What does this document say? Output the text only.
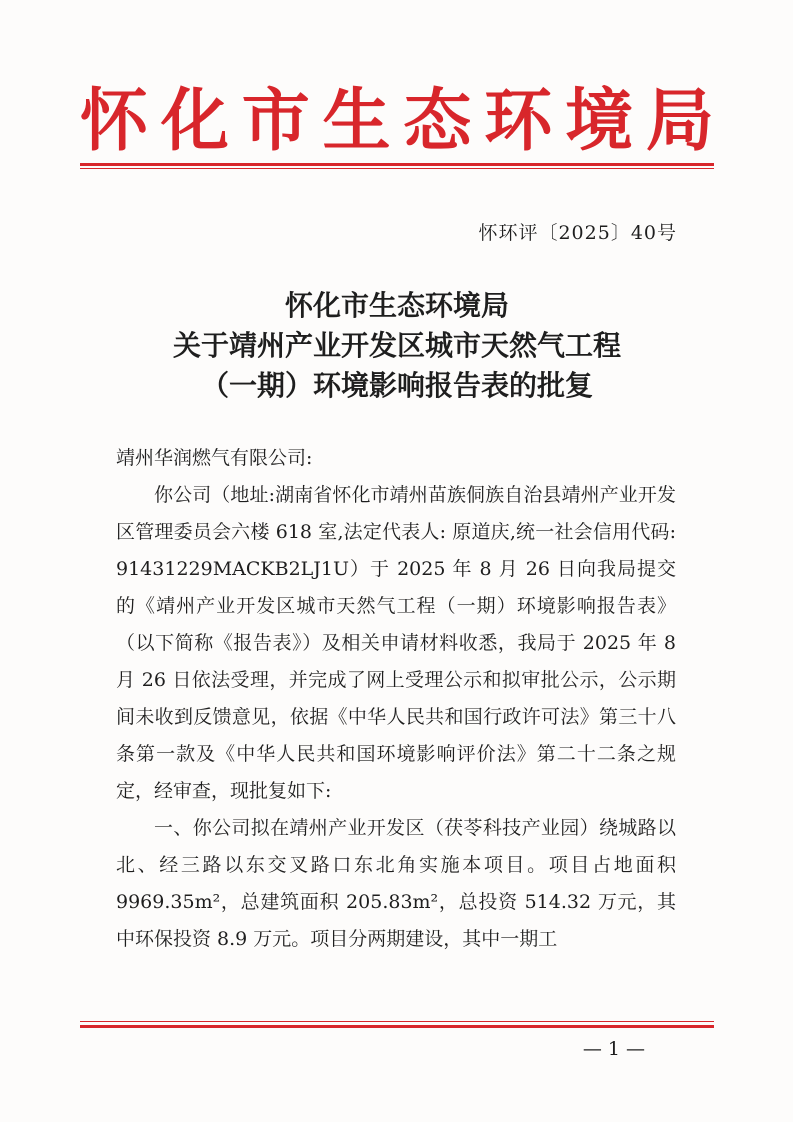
怀 化 市 生 态 环 境 局
怀环评〔2025〕40号
怀化市生态环境局
关于靖州产业开发区城市天然气工程
（一期）环境影响报告表的批复

靖州华润燃气有限公司:

你公司（地址:湖南省怀化市靖州苗族侗族自治县靖州产业开发区管理委员会六楼 618 室,法定代表人: 原道庆,统一社会信用代码: 91431229MACKB2LJ1U）于 2025 年 8 月 26 日向我局提交的《靖州产业开发区城市天然气工程（一期）环境影响报告表》（以下简称《报告表》）及相关申请材料收悉，我局于 2025 年 8 月 26 日依法受理，并完成了网上受理公示和拟审批公示，公示期间未收到反馈意见，依据《中华人民共和国行政许可法》第三十八条第一款及《中华人民共和国环境影响评价法》第二十二条之规定，经审查，现批复如下:

一、你公司拟在靖州产业开发区（茯苓科技产业园）绕城路以北、经三路以东交叉路口东北角实施本项目。项目占地面积 9969.35m²，总建筑面积 205.83m²，总投资 514.32 万元，其中环保投资 8.9 万元。项目分两期建设，其中一期工

— 1 —
